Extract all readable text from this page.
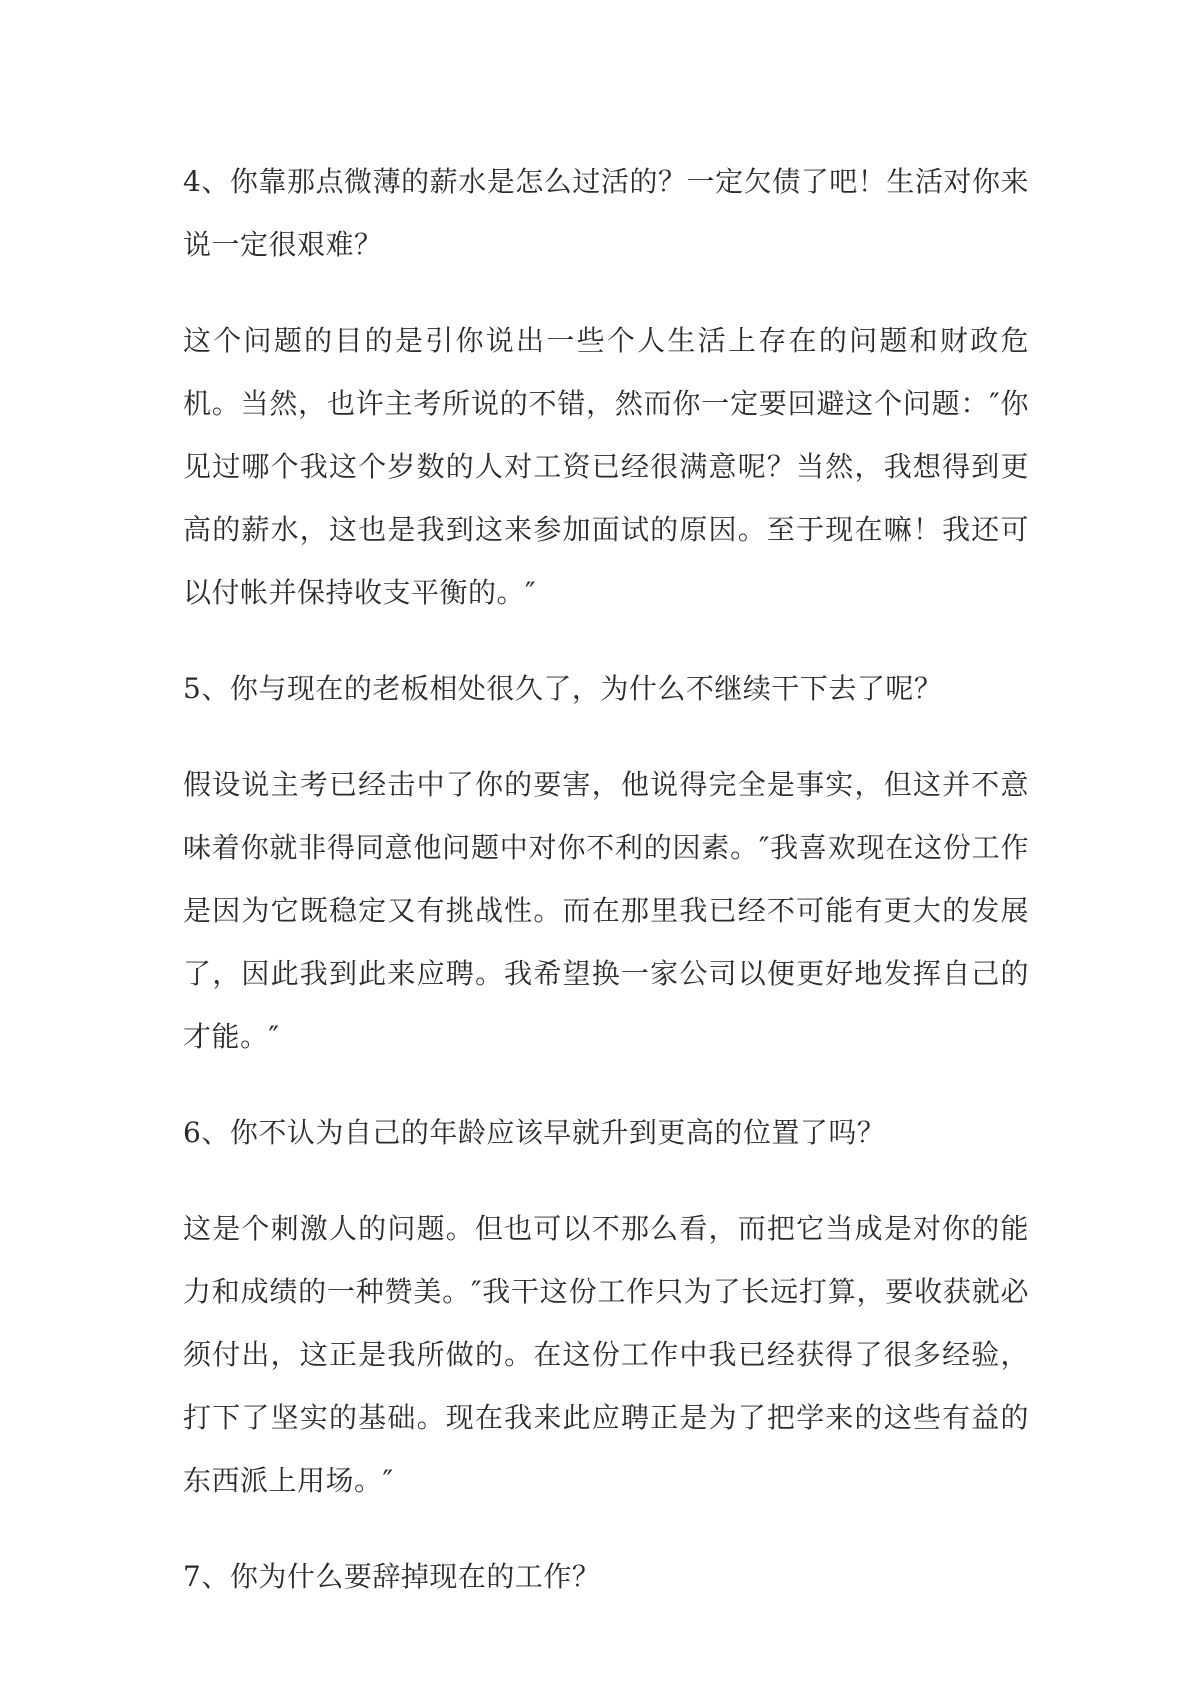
4、你靠那点微薄的薪水是怎么过活的？一定欠债了吧！生活对你来说一定很艰难？

这个问题的目的是引你说出一些个人生活上存在的问题和财政危机。当然，也许主考所说的不错，然而你一定要回避这个问题：″你见过哪个我这个岁数的人对工资已经很满意呢？当然，我想得到更高的薪水，这也是我到这来参加面试的原因。至于现在嘛！我还可以付帐并保持收支平衡的。″

5、你与现在的老板相处很久了，为什么不继续干下去了呢？

假设说主考已经击中了你的要害，他说得完全是事实，但这并不意味着你就非得同意他问题中对你不利的因素。″我喜欢现在这份工作是因为它既稳定又有挑战性。而在那里我已经不可能有更大的发展了，因此我到此来应聘。我希望换一家公司以便更好地发挥自己的才能。″

6、你不认为自己的年龄应该早就升到更高的位置了吗？

这是个刺激人的问题。但也可以不那么看，而把它当成是对你的能力和成绩的一种赞美。″我干这份工作只为了长远打算，要收获就必须付出，这正是我所做的。在这份工作中我已经获得了很多经验，打下了坚实的基础。现在我来此应聘正是为了把学来的这些有益的东西派上用场。″

7、你为什么要辞掉现在的工作？
